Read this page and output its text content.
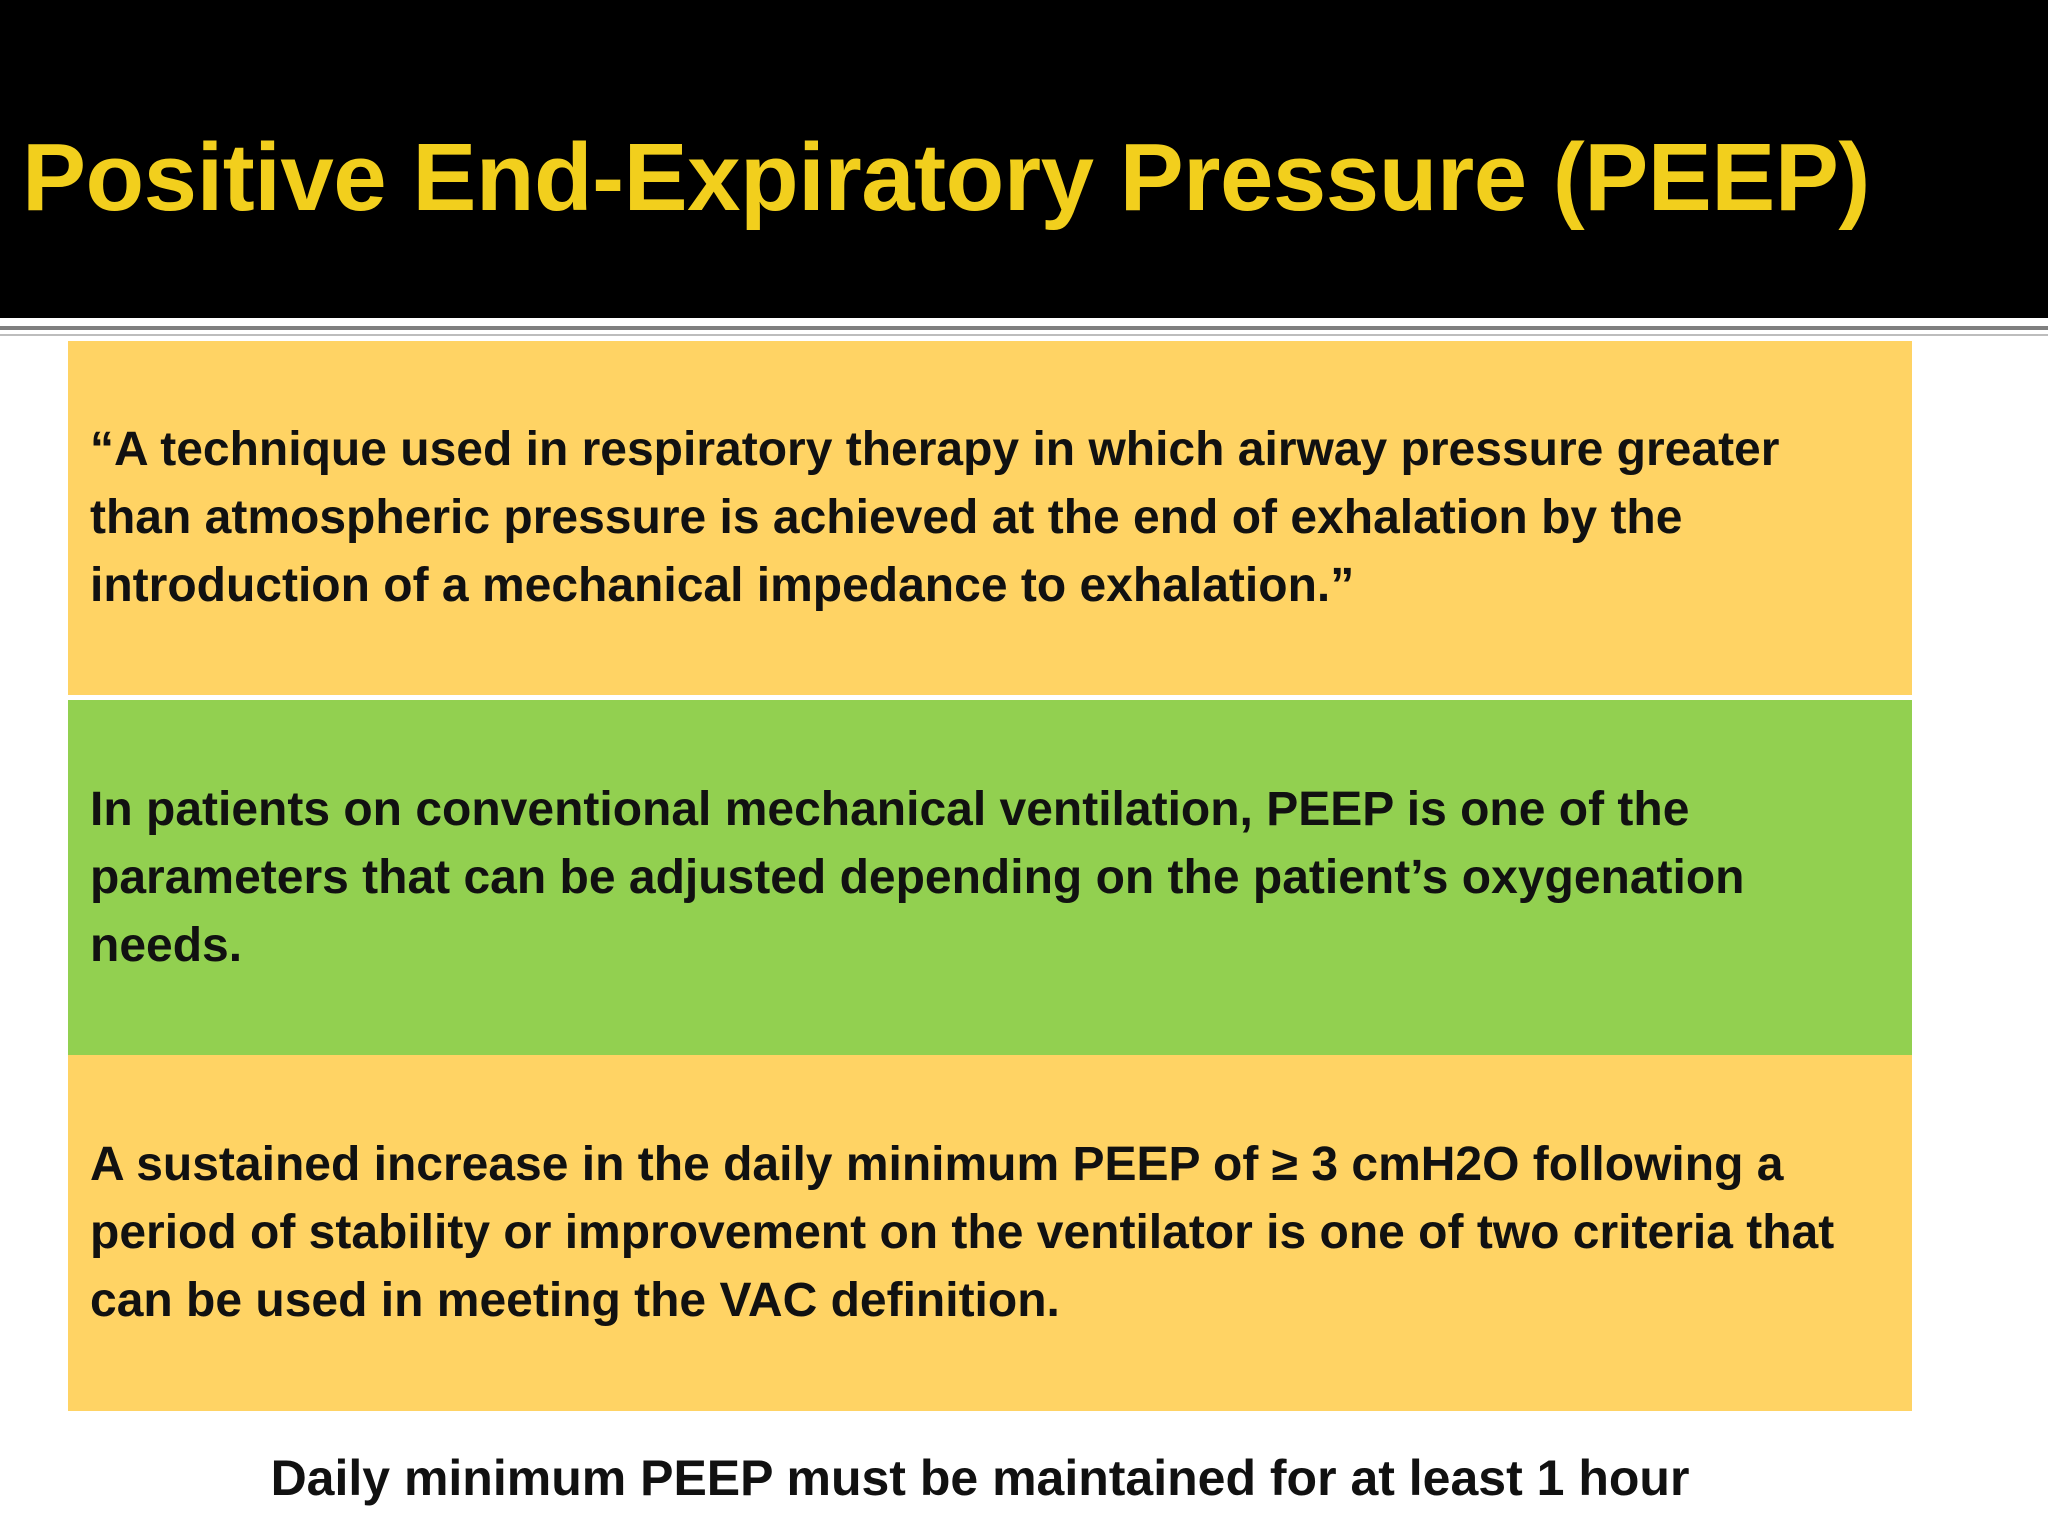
Positive End-Expiratory Pressure (PEEP)

“A technique used in respiratory therapy in which airway pressure greater than atmospheric pressure is achieved at the end of exhalation by the introduction of a mechanical impedance to exhalation.”

In patients on conventional mechanical ventilation, PEEP is one of the parameters that can be adjusted depending on the patient’s oxygenation needs.

A sustained increase in the daily minimum PEEP of ≥ 3 cmH2O following a period of stability or improvement on the ventilator is one of two criteria that can be used in meeting the VAC definition.

Daily minimum PEEP must be maintained for at least 1 hour
